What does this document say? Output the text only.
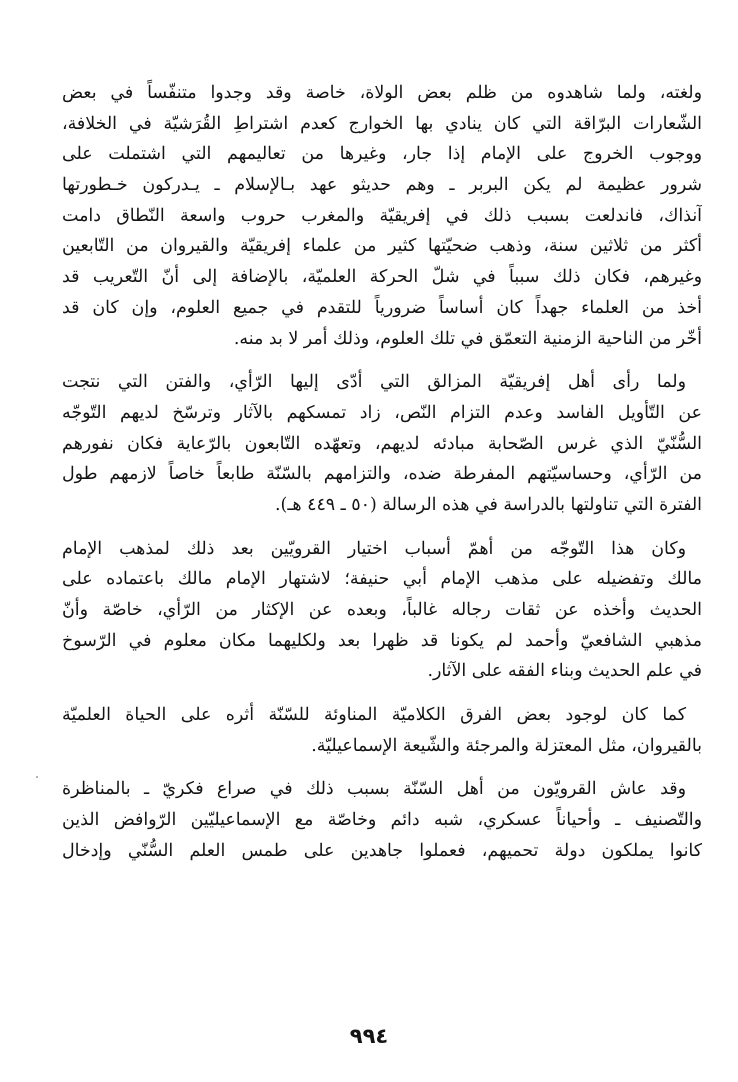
ولغته، ولما شاهدوه من ظلم بعض الولاة، خاصة وقد وجدوا متنفّساً في بعض
الشّعارات البرّاقة التي كان ينادي بها الخوارج كعدم اشتراطِ القُرَشيّة في الخلافة،
ووجوب الخروج على الإمام إذا جار، وغيرها من تعاليمهم التي اشتملت على
شرور عظيمة لم يكن البربر ـ وهم حديثو عهد بـالإسلام ـ يـدركون خـطورتها
آنذاك، فاندلعت بسبب ذلك في إفريقيّة والمغرب حروب واسعة النّطاق دامت
أكثر من ثلاثين سنة، وذهب ضحيّتها كثير من علماء إفريقيّة والقيروان من التّابعين
وغيرهم، فكان ذلك سبباً في شلّ الحركة العلميّة، بالإضافة إلى أنّ التّعريب قد
أخذ من العلماء جهداً كان أساساً ضرورياً للتقدم في جميع العلوم، وإن كان قد
أخّر من الناحية الزمنية التعمّق في تلك العلوم، وذلك أمر لا بد منه.
ولما رأى أهل إفريقيّة المزالق التي أدّى إليها الرّأي، والفتن التي نتجت
عن التّأويل الفاسد وعدم التزام النّص، زاد تمسكهم بالآثار وترسّخ لديهم التّوجّه
السُّنّيّ الذي غرس الصّحابة مبادئه لديهم، وتعهّده التّابعون بالرّعاية فكان نفورهم
من الرّأي، وحساسيّتهم المفرطة ضده، والتزامهم بالسّنّة طابعاً خاصاً لازمهم طول
الفترة التي تناولتها بالدراسة في هذه الرسالة (٥٠ ـ ٤٤٩ هـ).
وكان هذا التّوجّه من أهمّ أسباب اختيار القرويّين بعد ذلك لمذهب الإمام
مالك وتفضيله على مذهب الإمام أبي حنيفة؛ لاشتهار الإمام مالك باعتماده على
الحديث وأخذه عن ثقات رجاله غالباً، وبعده عن الإكثار من الرّأي، خاصّة وأنّ
مذهبي الشافعيّ وأحمد لم يكونا قد ظهرا بعد ولكليهما مكان معلوم في الرّسوخ
في علم الحديث وبناء الفقه على الآثار.
كما كان لوجود بعض الفرق الكلاميّة المناوئة للسّنّة أثره على الحياة العلميّة
بالقيروان، مثل المعتزلة والمرجئة والشّيعة الإسماعيليّة.
وقد عاش القرويّون من أهل السّنّة بسبب ذلك في صراع فكريّ ـ بالمناظرة
والتّصنيف ـ وأحياناً عسكري، شبه دائم وخاصّة مع الإسماعيليّين الرّوافض الذين
كانوا يملكون دولة تحميهم، فعملوا جاهدين على طمس العلم السُّنّي وإدخال
٩٩٤
